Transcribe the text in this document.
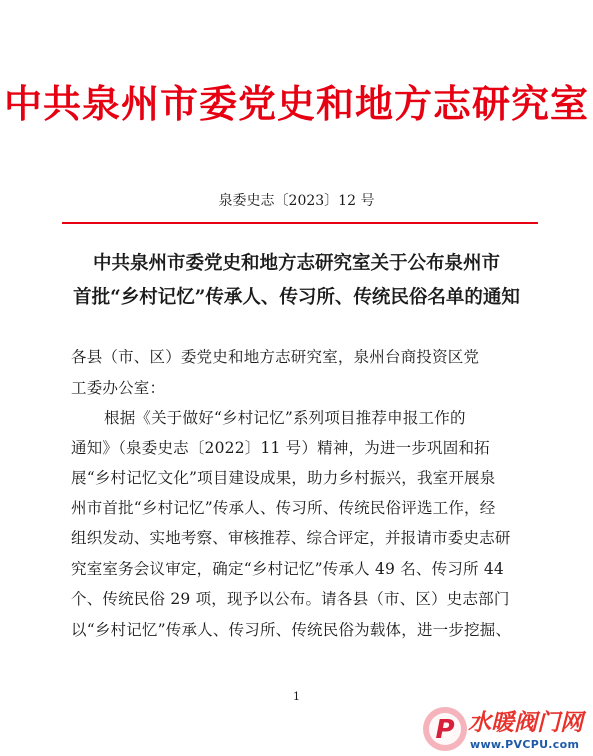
中共泉州市委党史和地方志研究室
泉委史志〔2023〕12 号
中共泉州市委党史和地方志研究室关于公布泉州市
首批“乡村记忆”传承人、传习所、传统民俗名单的通知
各县（市、区）委党史和地方志研究室，泉州台商投资区党
工委办公室：
根据《关于做好“乡村记忆”系列项目推荐申报工作的
通知》（泉委史志〔2022〕11 号）精神，为进一步巩固和拓
展“乡村记忆文化”项目建设成果，助力乡村振兴，我室开展泉
州市首批“乡村记忆”传承人、传习所、传统民俗评选工作，经
组织发动、实地考察、审核推荐、综合评定，并报请市委史志研
究室室务会议审定，确定“乡村记忆”传承人 49 名、传习所 44
个、传统民俗 29 项，现予以公布。请各县（市、区）史志部门
以“乡村记忆”传承人、传习所、传统民俗为载体，进一步挖掘、
1
P 水暖阀门网
www.PVCPU.com
